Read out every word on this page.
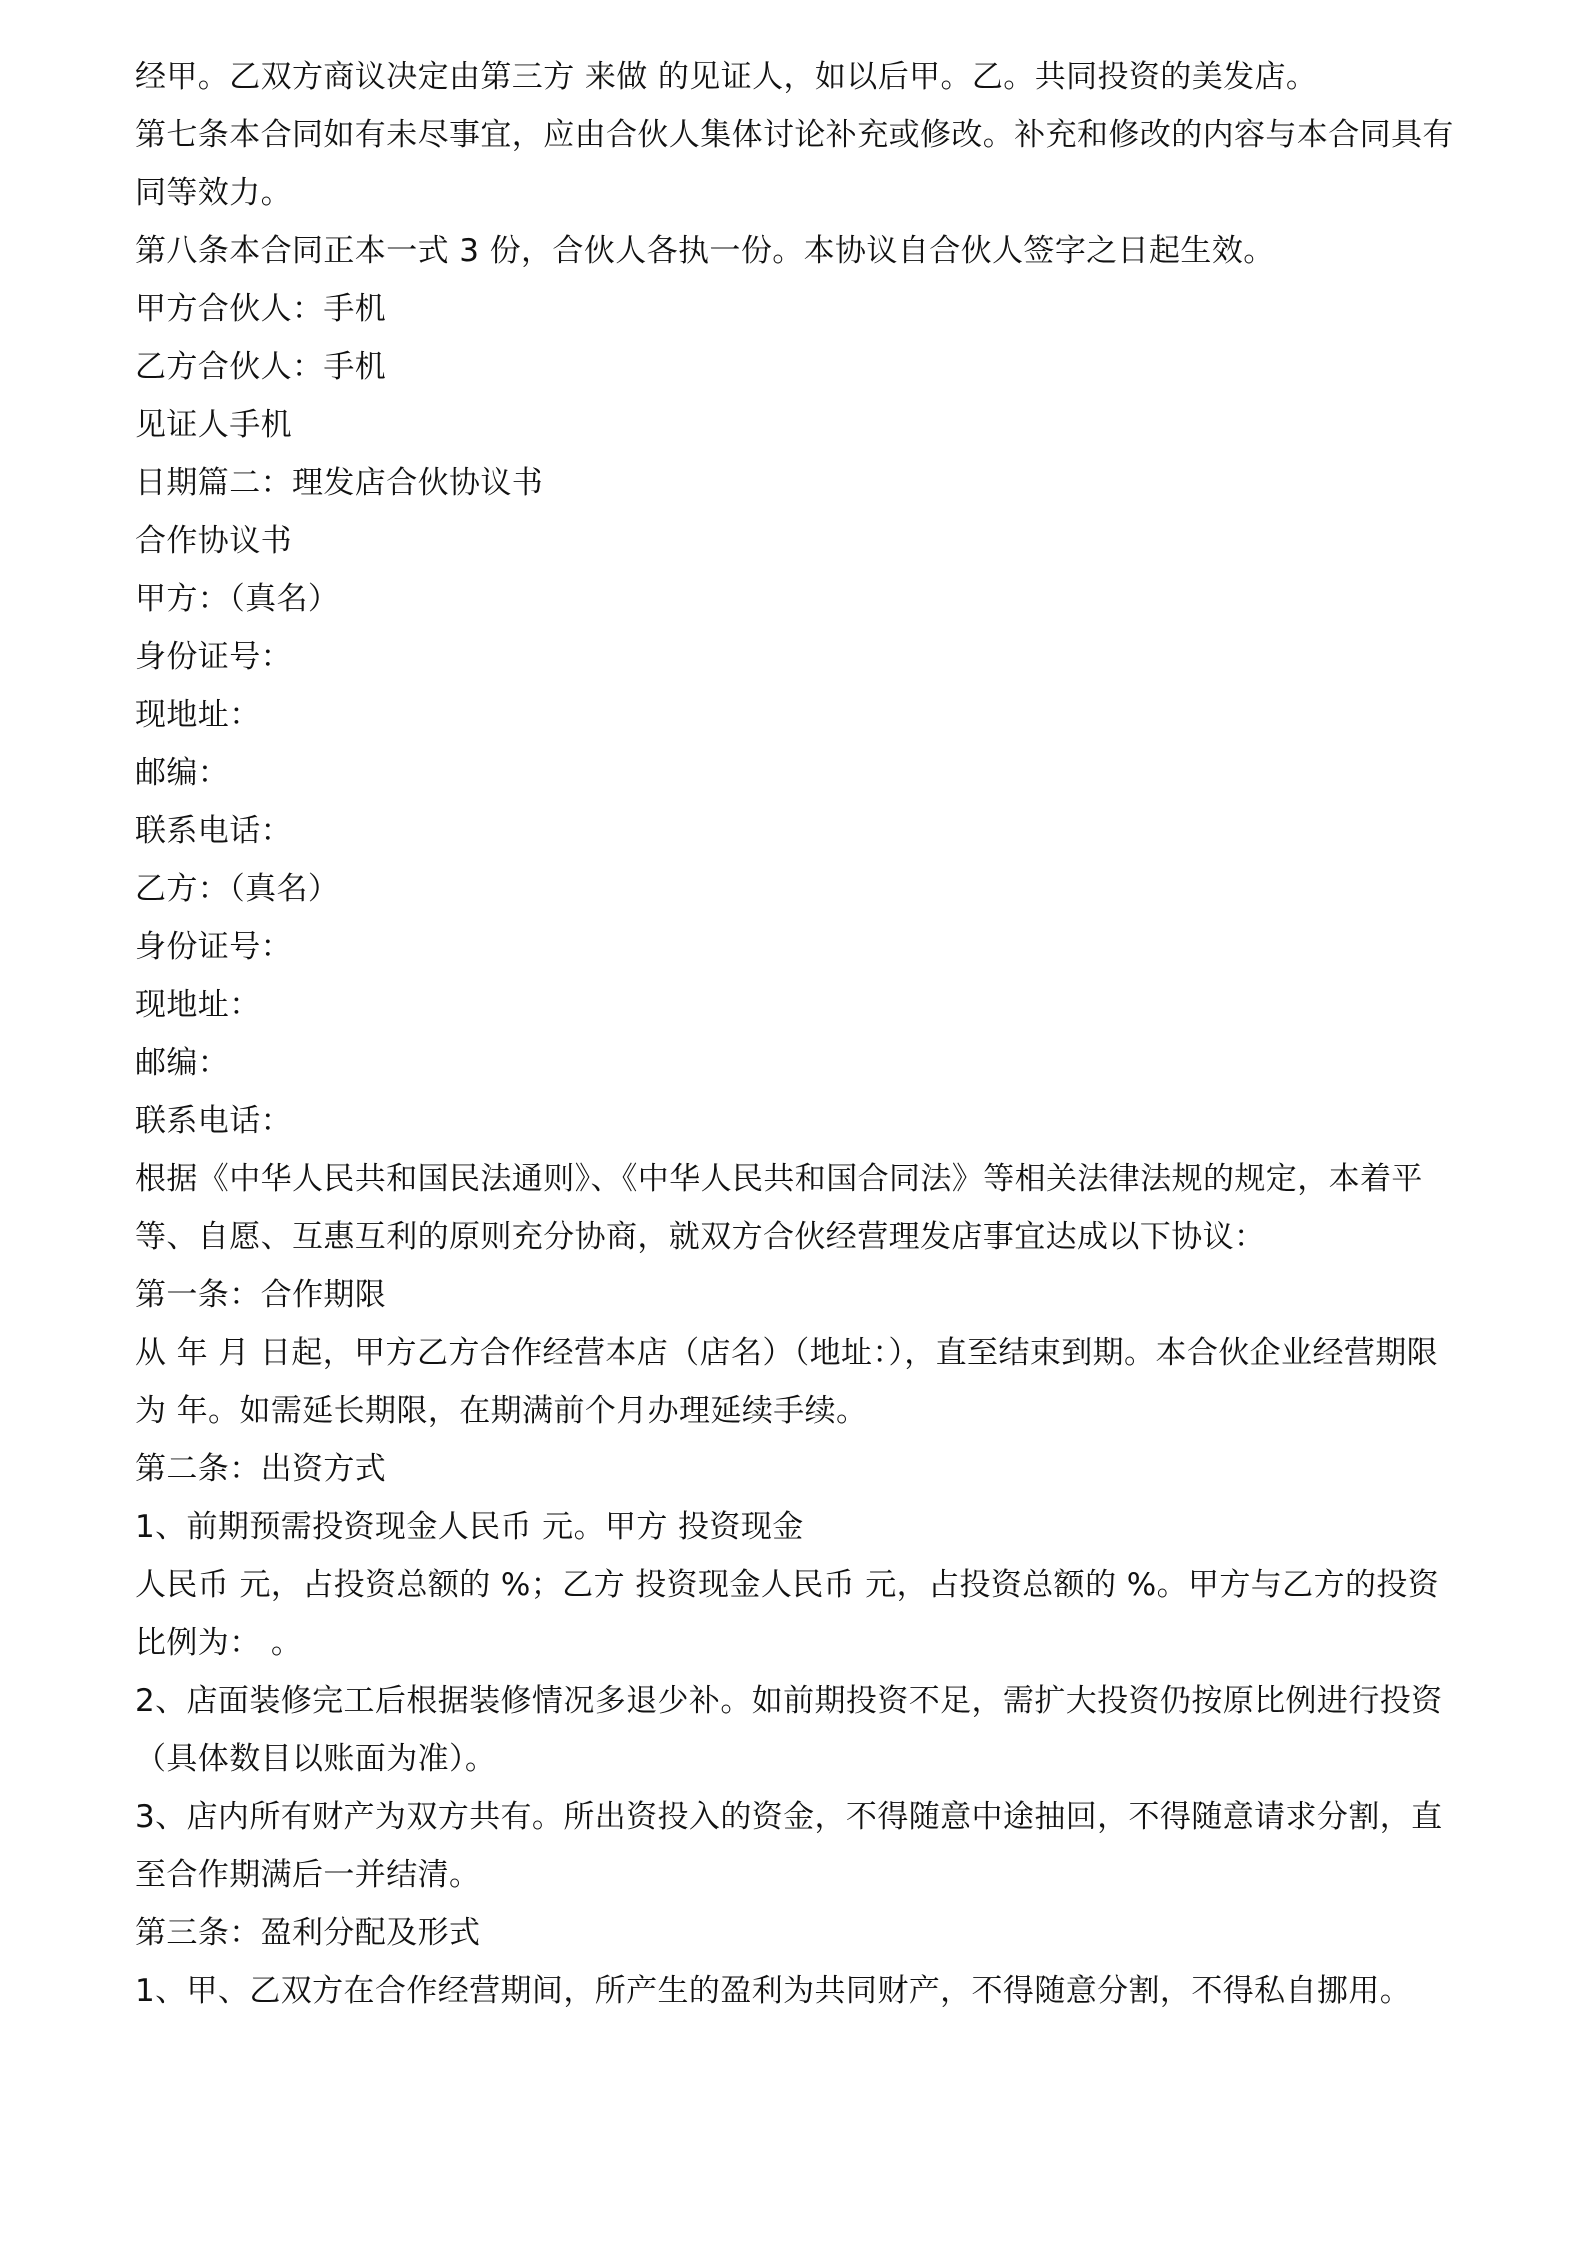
经甲。乙双方商议决定由第三方 来做 的见证人，如以后甲。乙。共同投资的美发店。

第七条本合同如有未尽事宜，应由合伙人集体讨论补充或修改。补充和修改的内容与本合同具有同等效力。

第八条本合同正本一式 3 份，合伙人各执一份。本协议自合伙人签字之日起生效。

甲方合伙人：手机

乙方合伙人：手机

见证人手机

日期篇二：理发店合伙协议书

合作协议书

甲方：（真名）

身份证号：

现地址：

邮编：

联系电话：

乙方：（真名）

身份证号：

现地址：

邮编：

联系电话：

根据《中华人民共和国民法通则》、《中华人民共和国合同法》等相关法律法规的规定，本着平等、自愿、互惠互利的原则充分协商，就双方合伙经营理发店事宜达成以下协议：

第一条：合作期限

从 年 月 日起，甲方乙方合作经营本店（店名）（地址：），直至结束到期。本合伙企业经营期限为 年。如需延长期限，在期满前个月办理延续手续。

第二条：出资方式

1、前期预需投资现金人民币 元。甲方 投资现金

人民币 元，占投资总额的 %；乙方 投资现金人民币 元，占投资总额的 %。甲方与乙方的投资比例为： 。

2、店面装修完工后根据装修情况多退少补。如前期投资不足，需扩大投资仍按原比例进行投资（具体数目以账面为准）。

3、店内所有财产为双方共有。所出资投入的资金，不得随意中途抽回，不得随意请求分割，直至合作期满后一并结清。

第三条：盈利分配及形式

1、甲、乙双方在合作经营期间，所产生的盈利为共同财产，不得随意分割，不得私自挪用。
